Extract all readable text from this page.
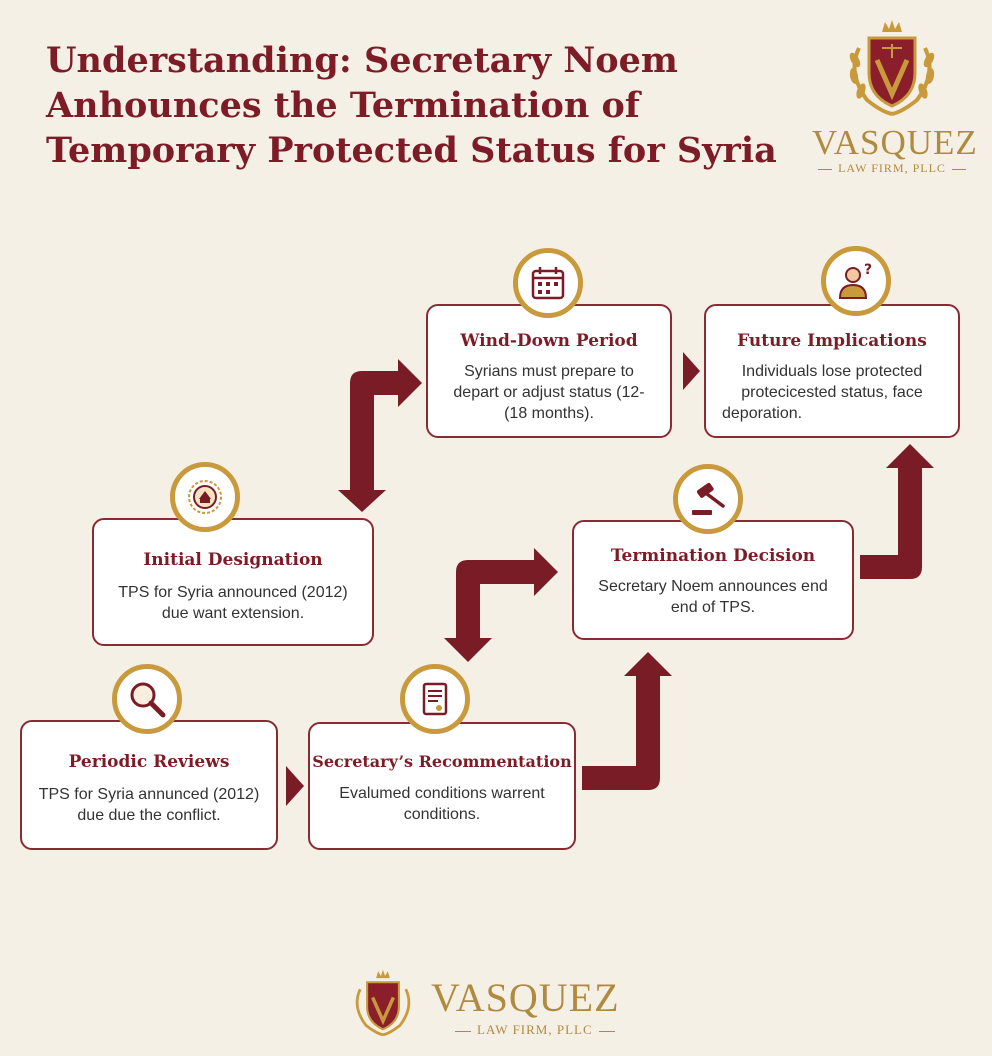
Understanding: Secretary Noem
Anhounces the Termination of
Temporary Protected Status for Syria VASQUEZ
LAW FIRM, PLLC
Wind-Down Period

Syrians must prepare to

depart or adjust status (12-

(18 months).

Future Implications

Individuals lose protected

protecicested status, face

deporation.

?
Initial Designation

TPS for Syria announced (2012)

due want extension.

Termination Decision

Secretary Noem announces end

end of TPS.

Periodic Reviews

TPS for Syria annunced (2012)

due due the conflict.

Secretary’s Recommentation

Evalumed conditions warrent

conditions.

VASQUEZ
LAW FIRM, PLLC
